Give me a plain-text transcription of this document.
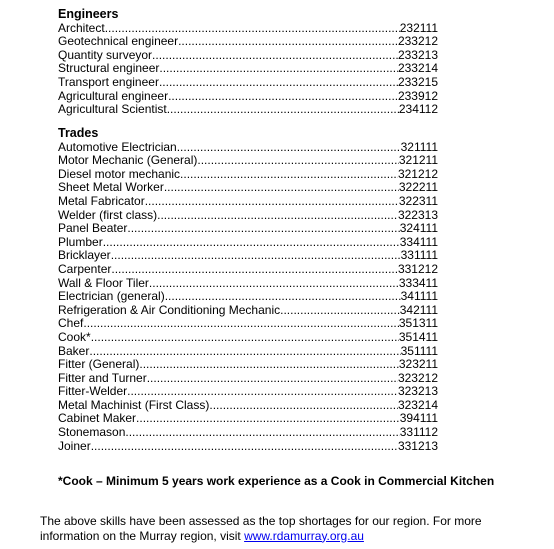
Engineers
Architect .....	232111
Geotechnical engineer .....	233212
Quantity surveyor .....	233213
Structural engineer .....	233214
Transport engineer .....	233215
Agricultural engineer .....	233912
Agricultural Scientist .....	234112
Trades
Automotive Electrician .....	321111
Motor Mechanic (General) .....	321211
Diesel motor mechanic .....	321212
Sheet Metal Worker .....	322211
Metal Fabricator .....	322311
Welder (first class) .....	322313
Panel Beater .....	324111
Plumber .....	334111
Bricklayer .....	331111
Carpenter .....	331212
Wall & Floor Tiler .....	333411
Electrician (general) .....	341111
Refrigeration & Air Conditioning Mechanic .....	342111
Chef .....	351311
Cook* .....	351411
Baker .....	351111
Fitter (General) .....	323211
Fitter and Turner .....	323212
Fitter-Welder .....	323213
Metal Machinist (First Class) .....	323214
Cabinet Maker .....	394111
Stonemason .....	331112
Joiner .....	331213
*Cook – Minimum 5 years work experience as a Cook in Commercial Kitchen
The above skills have been assessed as the top shortages for our region. For more information on the Murray region, visit www.rdamurray.org.au
